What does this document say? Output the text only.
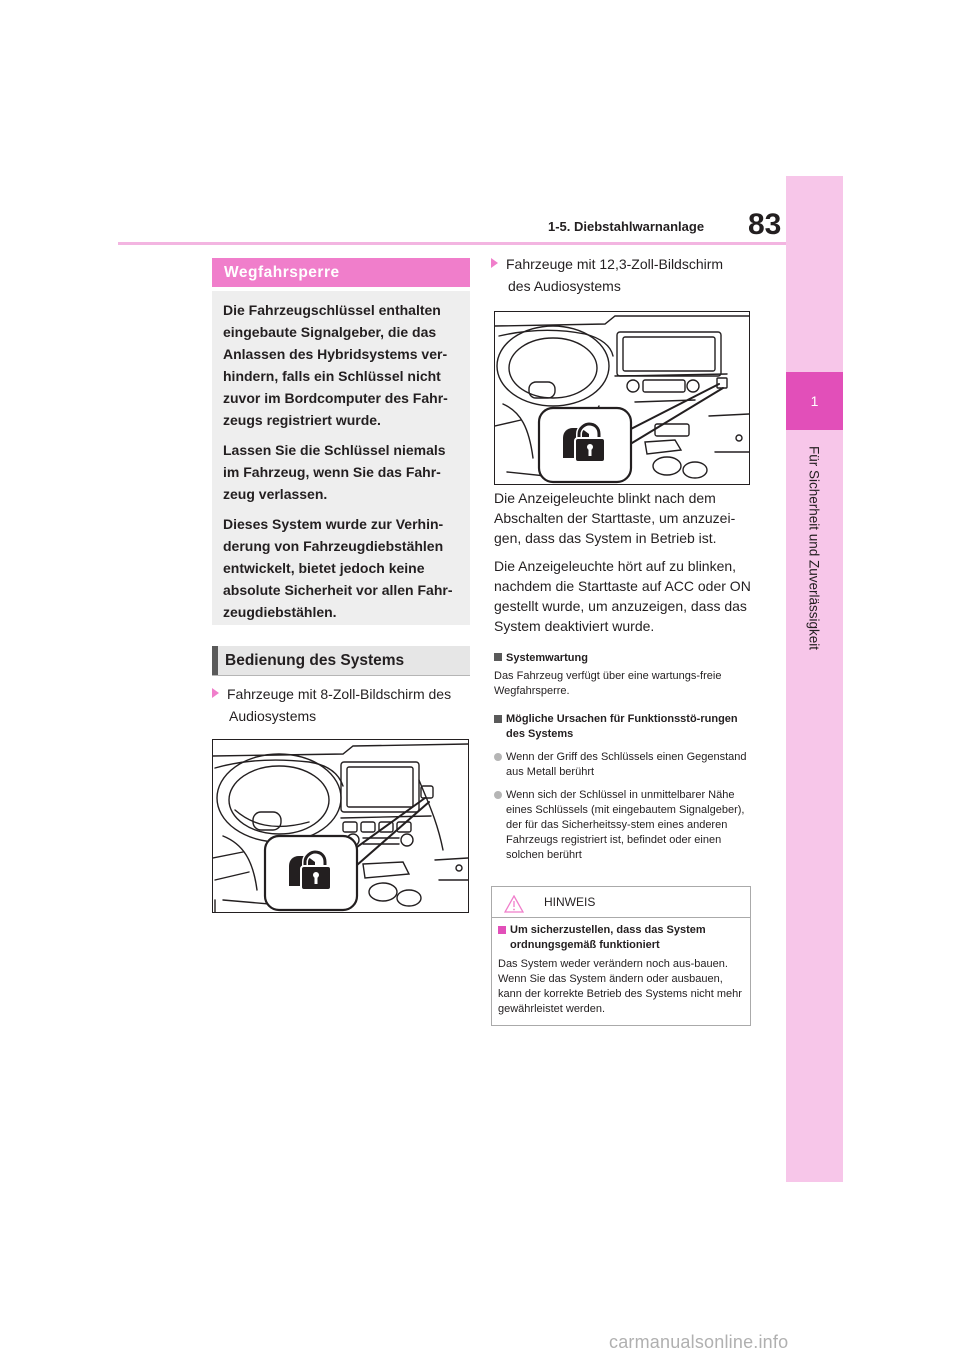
83
1-5. Diebstahlwarnanlage
1
Für Sicherheit und Zuverlässigkeit
Wegfahrsperre

Die Fahrzeugschlüssel enthalten eingebaute Signalgeber, die das Anlassen des Hybridsystems ver-hindern, falls ein Schlüssel nicht zuvor im Bordcomputer des Fahr-zeugs registriert wurde.

Lassen Sie die Schlüssel niemals im Fahrzeug, wenn Sie das Fahr-zeug verlassen.

Dieses System wurde zur Verhin-derung von Fahrzeugdiebstählen entwickelt, bietet jedoch keine absolute Sicherheit vor allen Fahr-zeugdiebstählen.

Bedienung des Systems
Fahrzeuge mit 8-Zoll-Bildschirm des
Audiosystems
Fahrzeuge mit 12,3-Zoll-Bildschirm
des Audiosystems

Die Anzeigeleuchte blinkt nach dem Abschalten der Starttaste, um anzuzei-gen, dass das System in Betrieb ist.

Die Anzeigeleuchte hört auf zu blinken, nachdem die Starttaste auf ACC oder ON gestellt wurde, um anzuzeigen, dass das System deaktiviert wurde.

Systemwartung
Das Fahrzeug verfügt über eine wartungs-freie Wegfahrsperre.
Mögliche Ursachen für Funktionsstö-rungen des Systems
Wenn der Griff des Schlüssels einen Gegenstand aus Metall berührt
Wenn sich der Schlüssel in unmittelbarer Nähe eines Schlüssels (mit eingebautem Signalgeber), der für das Sicherheitssy-stem eines anderen Fahrzeugs registriert ist, befindet oder einen solchen berührt
HINWEIS
Um sicherzustellen, dass das System ordnungsgemäß funktioniert
Das System weder verändern noch aus-bauen. Wenn Sie das System ändern oder ausbauen, kann der korrekte Betrieb des Systems nicht mehr gewährleistet werden.
carmanualsonline.info
